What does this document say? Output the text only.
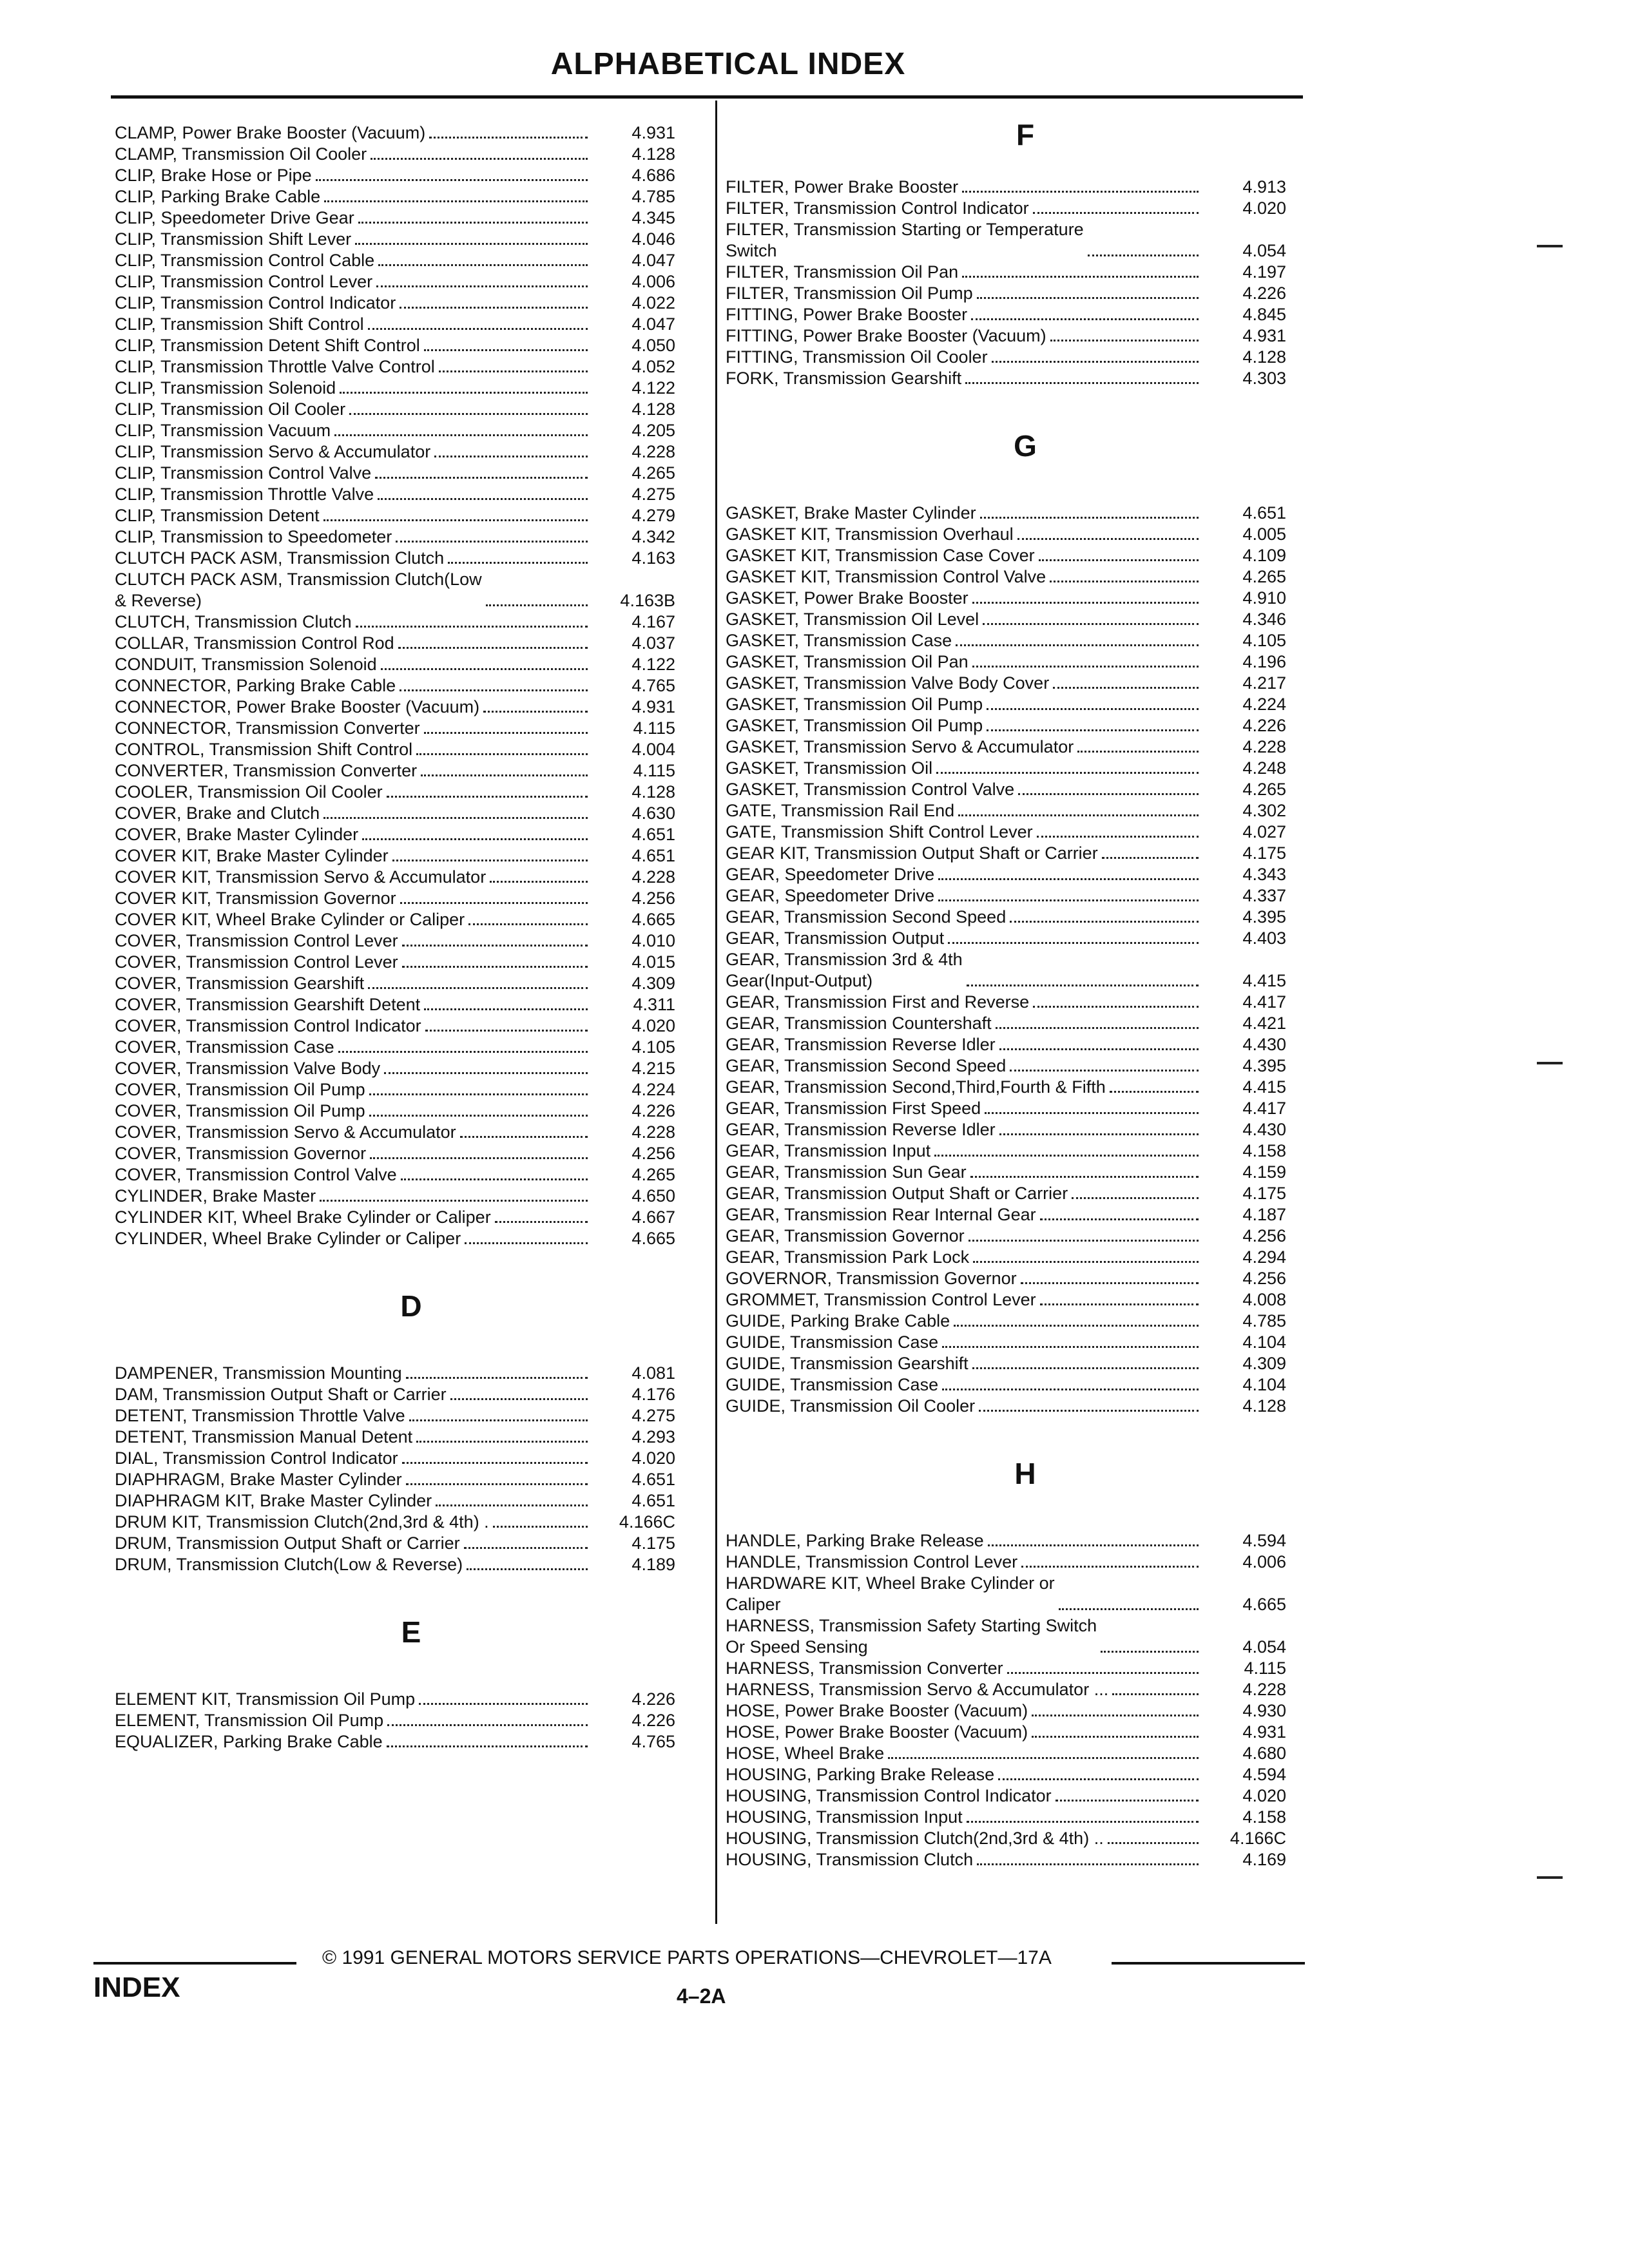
ALPHABETICAL INDEX
CLAMP, Power Brake Booster (Vacuum)	4.931
CLAMP, Transmission Oil Cooler	4.128
CLIP, Brake Hose or Pipe	4.686
CLIP, Parking Brake Cable	4.785
CLIP, Speedometer Drive Gear	4.345
CLIP, Transmission Shift Lever	4.046
CLIP, Transmission Control Cable	4.047
CLIP, Transmission Control Lever	4.006
CLIP, Transmission Control Indicator	4.022
CLIP, Transmission Shift Control	4.047
CLIP, Transmission Detent Shift Control	4.050
CLIP, Transmission Throttle Valve Control	4.052
CLIP, Transmission Solenoid	4.122
CLIP, Transmission Oil Cooler	4.128
CLIP, Transmission Vacuum	4.205
CLIP, Transmission Servo & Accumulator	4.228
CLIP, Transmission Control Valve	4.265
CLIP, Transmission Throttle Valve	4.275
CLIP, Transmission Detent	4.279
CLIP, Transmission to Speedometer	4.342
CLUTCH PACK ASM, Transmission Clutch	4.163
CLUTCH PACK ASM, Transmission Clutch(Low
& Reverse)	4.163B
CLUTCH, Transmission Clutch	4.167
COLLAR, Transmission Control Rod	4.037
CONDUIT, Transmission Solenoid	4.122
CONNECTOR, Parking Brake Cable	4.765
CONNECTOR, Power Brake Booster (Vacuum)	4.931
CONNECTOR, Transmission Converter	4.115
CONTROL, Transmission Shift Control	4.004
CONVERTER, Transmission Converter	4.115
COOLER, Transmission Oil Cooler	4.128
COVER, Brake and Clutch	4.630
COVER, Brake Master Cylinder	4.651
COVER KIT, Brake Master Cylinder	4.651
COVER KIT, Transmission Servo & Accumulator	4.228
COVER KIT, Transmission Governor	4.256
COVER KIT, Wheel Brake Cylinder or Caliper	4.665
COVER, Transmission Control Lever	4.010
COVER, Transmission Control Lever	4.015
COVER, Transmission Gearshift	4.309
COVER, Transmission Gearshift Detent	4.311
COVER, Transmission Control Indicator	4.020
COVER, Transmission Case	4.105
COVER, Transmission Valve Body	4.215
COVER, Transmission Oil Pump	4.224
COVER, Transmission Oil Pump	4.226
COVER, Transmission Servo & Accumulator	4.228
COVER, Transmission Governor	4.256
COVER, Transmission Control Valve	4.265
CYLINDER, Brake Master	4.650
CYLINDER KIT, Wheel Brake Cylinder or Caliper	4.667
CYLINDER, Wheel Brake Cylinder or Caliper	4.665
D
DAMPENER, Transmission Mounting	4.081
DAM, Transmission Output Shaft or Carrier	4.176
DETENT, Transmission Throttle Valve	4.275
DETENT, Transmission Manual Detent	4.293
DIAL, Transmission Control Indicator	4.020
DIAPHRAGM, Brake Master Cylinder	4.651
DIAPHRAGM KIT, Brake Master Cylinder	4.651
DRUM KIT, Transmission Clutch(2nd,3rd & 4th) .	4.166C
DRUM, Transmission Output Shaft or Carrier	4.175
DRUM, Transmission Clutch(Low & Reverse)	4.189
E
ELEMENT KIT, Transmission Oil Pump	4.226
ELEMENT, Transmission Oil Pump	4.226
EQUALIZER, Parking Brake Cable	4.765
F
FILTER, Power Brake Booster	4.913
FILTER, Transmission Control Indicator	4.020
FILTER, Transmission Starting or Temperature
Switch	4.054
FILTER, Transmission Oil Pan	4.197
FILTER, Transmission Oil Pump	4.226
FITTING, Power Brake Booster	4.845
FITTING, Power Brake Booster (Vacuum)	4.931
FITTING, Transmission Oil Cooler	4.128
FORK, Transmission Gearshift	4.303
G
GASKET, Brake Master Cylinder	4.651
GASKET KIT, Transmission Overhaul	4.005
GASKET KIT, Transmission Case Cover	4.109
GASKET KIT, Transmission Control Valve	4.265
GASKET, Power Brake Booster	4.910
GASKET, Transmission Oil Level	4.346
GASKET, Transmission Case	4.105
GASKET, Transmission Oil Pan	4.196
GASKET, Transmission Valve Body Cover	4.217
GASKET, Transmission Oil Pump	4.224
GASKET, Transmission Oil Pump	4.226
GASKET, Transmission Servo & Accumulator	4.228
GASKET, Transmission Oil	4.248
GASKET, Transmission Control Valve	4.265
GATE, Transmission Rail End	4.302
GATE, Transmission Shift Control Lever	4.027
GEAR KIT, Transmission Output Shaft or Carrier	4.175
GEAR, Speedometer Drive	4.343
GEAR, Speedometer Drive	4.337
GEAR, Transmission Second Speed	4.395
GEAR, Transmission Output	4.403
GEAR, Transmission 3rd & 4th
Gear(Input-Output)	4.415
GEAR, Transmission First and Reverse	4.417
GEAR, Transmission Countershaft	4.421
GEAR, Transmission Reverse Idler	4.430
GEAR, Transmission Second Speed	4.395
GEAR, Transmission Second,Third,Fourth & Fifth	4.415
GEAR, Transmission First Speed	4.417
GEAR, Transmission Reverse Idler	4.430
GEAR, Transmission Input	4.158
GEAR, Transmission Sun Gear	4.159
GEAR, Transmission Output Shaft or Carrier	4.175
GEAR, Transmission Rear Internal Gear	4.187
GEAR, Transmission Governor	4.256
GEAR, Transmission Park Lock	4.294
GOVERNOR, Transmission Governor	4.256
GROMMET, Transmission Control Lever	4.008
GUIDE, Parking Brake Cable	4.785
GUIDE, Transmission Case	4.104
GUIDE, Transmission Gearshift	4.309
GUIDE, Transmission Case	4.104
GUIDE, Transmission Oil Cooler	4.128
H
HANDLE, Parking Brake Release	4.594
HANDLE, Transmission Control Lever	4.006
HARDWARE KIT, Wheel Brake Cylinder or
Caliper	4.665
HARNESS, Transmission Safety Starting Switch
Or Speed Sensing	4.054
HARNESS, Transmission Converter	4.115
HARNESS, Transmission Servo & Accumulator ...	4.228
HOSE, Power Brake Booster (Vacuum)	4.930
HOSE, Power Brake Booster (Vacuum)	4.931
HOSE, Wheel Brake	4.680
HOUSING, Parking Brake Release	4.594
HOUSING, Transmission Control Indicator	4.020
HOUSING, Transmission Input	4.158
HOUSING, Transmission Clutch(2nd,3rd & 4th) ..	4.166C
HOUSING, Transmission Clutch	4.169
© 1991 GENERAL MOTORS SERVICE PARTS OPERATIONS—CHEVROLET—17A
INDEX	4–2A
